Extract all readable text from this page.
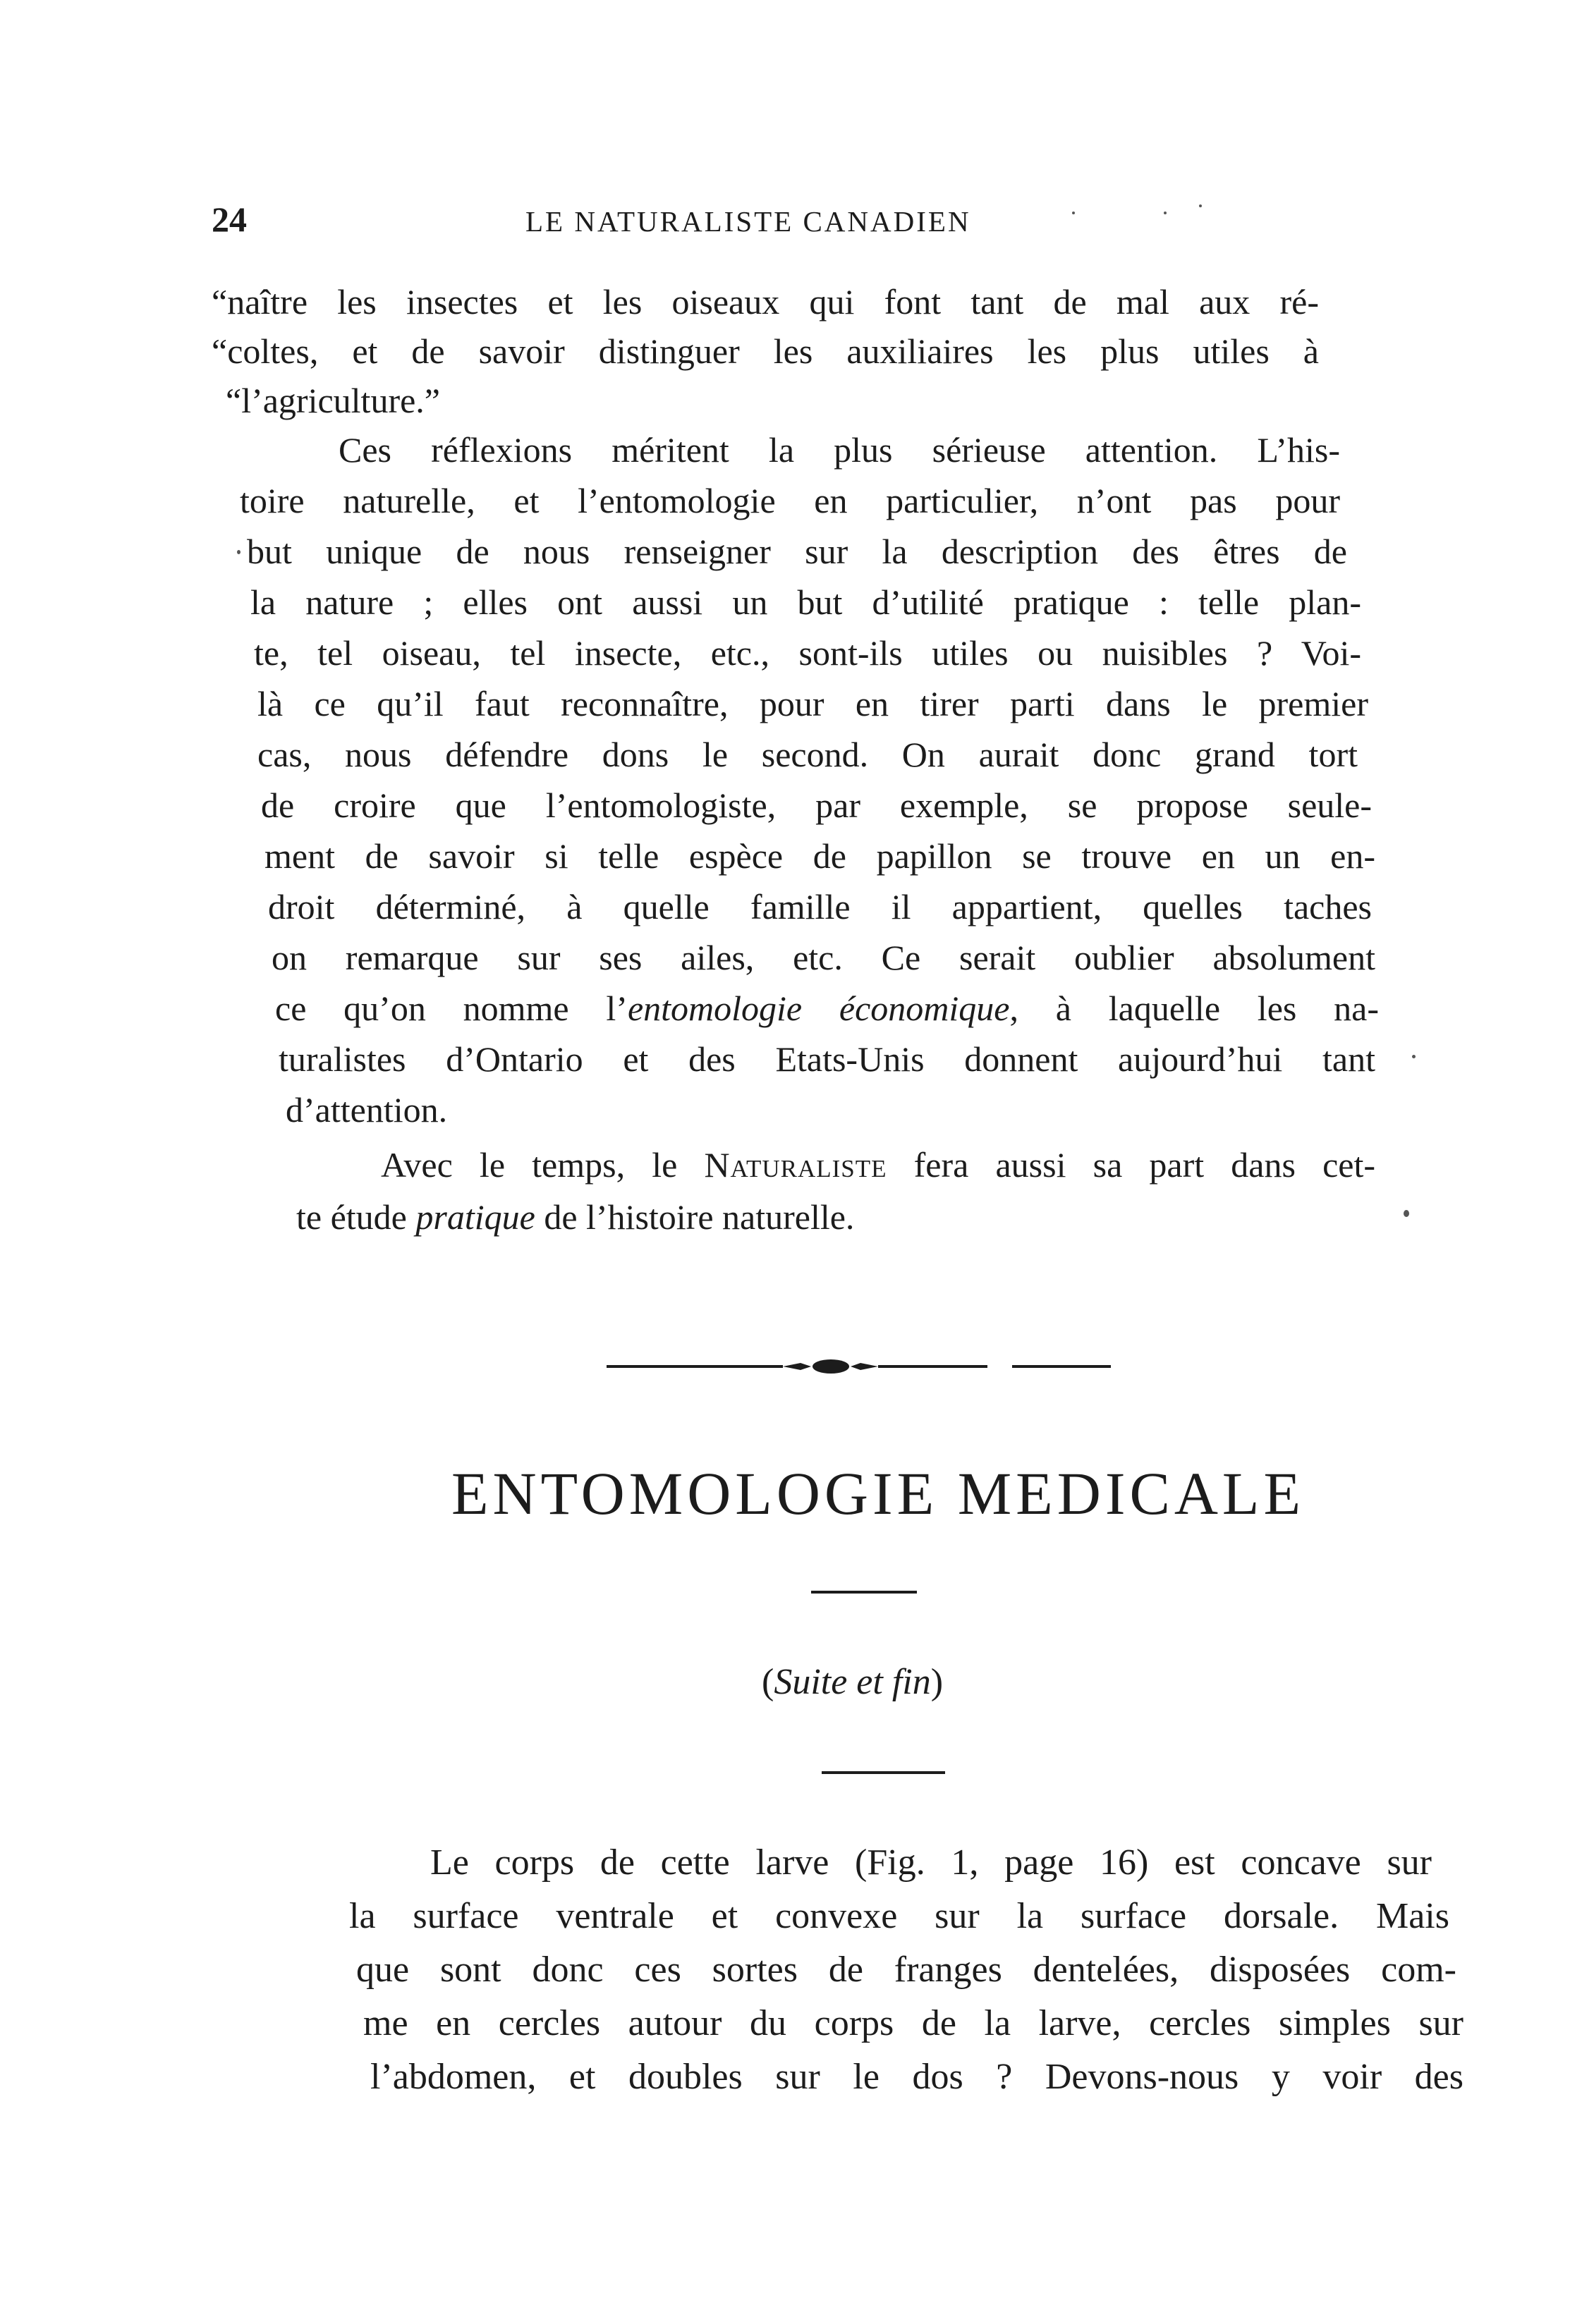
24	LE NATURALISTE CANADIEN
“naître les insectes et les oiseaux qui font tant de mal aux ré-
“coltes, et de savoir distinguer les auxiliaires les plus utiles à
“l’agriculture.”
Ces réflexions méritent la plus sérieuse attention. L’his-
toire naturelle, et l’entomologie en particulier, n’ont pas pour
but unique de nous renseigner sur la description des êtres de
la nature ; elles ont aussi un but d’utilité pratique : telle plan-
te, tel oiseau, tel insecte, etc., sont-ils utiles ou nuisibles ? Voi-
là ce qu’il faut reconnaître, pour en tirer parti dans le premier
cas, nous défendre dons le second. On aurait donc grand tort
de croire que l’entomologiste, par exemple, se propose seule-
ment de savoir si telle espèce de papillon se trouve en un en-
droit déterminé, à quelle famille il appartient, quelles taches
on remarque sur ses ailes, etc. Ce serait oublier absolument
ce qu’on nomme l’entomologie économique, à laquelle les na-
turalistes d’Ontario et des Etats-Unis donnent aujourd’hui tant
d’attention.
Avec le temps, le Naturaliste fera aussi sa part dans cet-
te étude pratique de l’histoire naturelle.
ENTOMOLOGIE MEDICALE
(Suite et fin)
Le corps de cette larve (Fig. 1, page 16) est concave sur
la surface ventrale et convexe sur la surface dorsale. Mais
que sont donc ces sortes de franges dentelées, disposées com-
me en cercles autour du corps de la larve, cercles simples sur
l’abdomen, et doubles sur le dos ? Devons-nous y voir des
